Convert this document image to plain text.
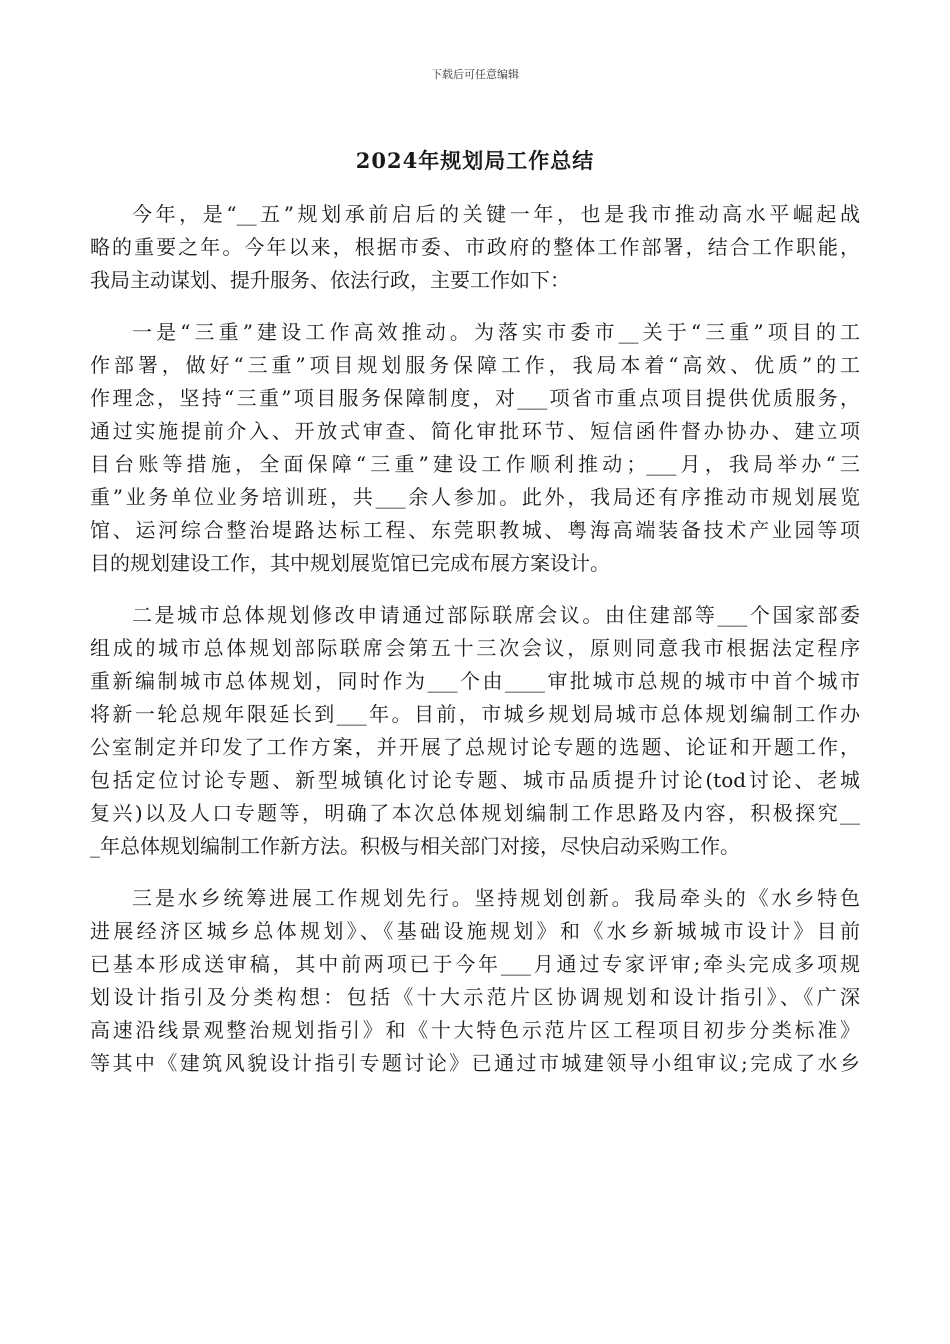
下载后可任意编辑
2024年规划局工作总结
今年，是“__五”规划承前启后的关键一年，也是我市推动高水平崛起战
略的重要之年。今年以来，根据市委、市政府的整体工作部署，结合工作职能，
我局主动谋划、提升服务、依法行政，主要工作如下：
一是“三重”建设工作高效推动。为落实市委市__关于“三重”项目的工
作部署，做好“三重”项目规划服务保障工作，我局本着“高效、优质”的工
作理念，坚持“三重”项目服务保障制度，对___项省市重点项目提供优质服务，
通过实施提前介入、开放式审查、简化审批环节、短信函件督办协办、建立项
目台账等措施，全面保障“三重”建设工作顺利推动；___月，我局举办“三
重”业务单位业务培训班，共___余人参加。此外，我局还有序推动市规划展览
馆、运河综合整治堤路达标工程、东莞职教城、粤海高端装备技术产业园等项
目的规划建设工作，其中规划展览馆已完成布展方案设计。
二是城市总体规划修改申请通过部际联席会议。由住建部等___个国家部委
组成的城市总体规划部际联席会第五十三次会议，原则同意我市根据法定程序
重新编制城市总体规划，同时作为___个由____审批城市总规的城市中首个城市
将新一轮总规年限延长到___年。目前，市城乡规划局城市总体规划编制工作办
公室制定并印发了工作方案，并开展了总规讨论专题的选题、论证和开题工作，
包括定位讨论专题、新型城镇化讨论专题、城市品质提升讨论(tod讨论、老城
复兴)以及人口专题等，明确了本次总体规划编制工作思路及内容，积极探究__
_年总体规划编制工作新方法。积极与相关部门对接，尽快启动采购工作。
三是水乡统筹进展工作规划先行。坚持规划创新。我局牵头的《水乡特色
进展经济区城乡总体规划》、《基础设施规划》和《水乡新城城市设计》目前
已基本形成送审稿，其中前两项已于今年___月通过专家评审;牵头完成多项规
划设计指引及分类构想：包括《十大示范片区协调规划和设计指引》、《广深
高速沿线景观整治规划指引》和《十大特色示范片区工程项目初步分类标准》
等其中《建筑风貌设计指引专题讨论》已通过市城建领导小组审议;完成了水乡
